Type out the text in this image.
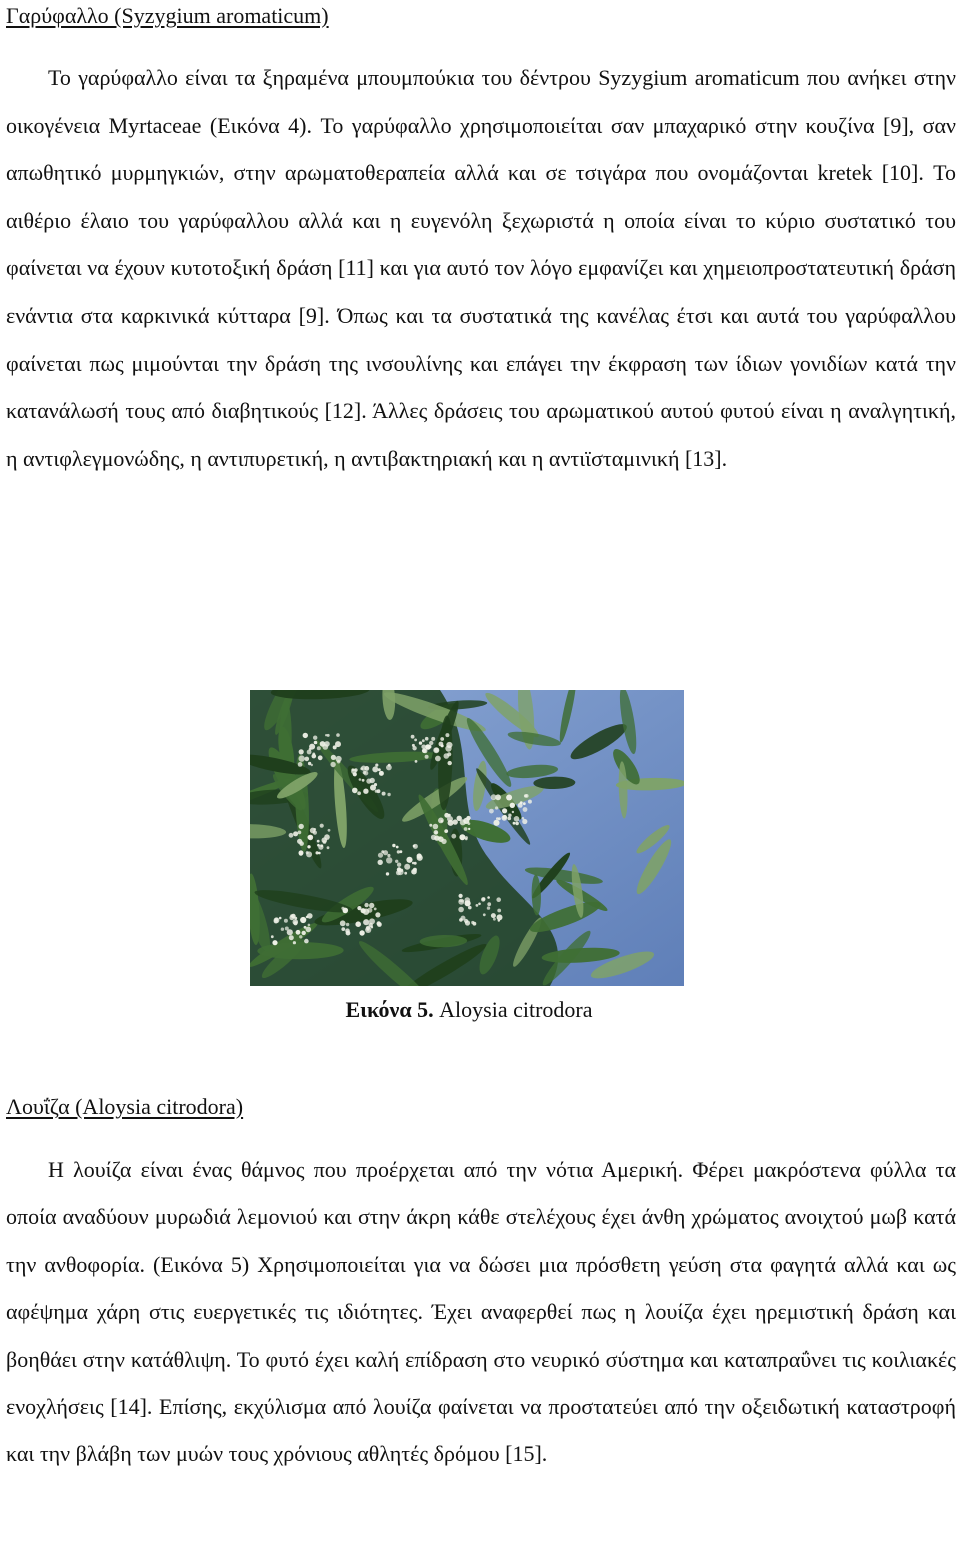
Γαρύφαλλο (Syzygium aromaticum)

Το γαρύφαλλο είναι τα ξηραμένα μπουμπούκια του δέντρου Syzygium aromaticum που ανήκει στην οικογένεια Myrtaceae (Εικόνα 4). Το γαρύφαλλο χρησιμοποιείται σαν μπαχαρικό στην κουζίνα [9], σαν απωθητικό μυρμηγκιών, στην αρωματοθεραπεία αλλά και σε τσιγάρα που ονομάζονται kretek [10]. Το αιθέριο έλαιο του γαρύφαλλου αλλά και η ευγενόλη ξεχωριστά η οποία είναι το κύριο συστατικό του φαίνεται να έχουν κυτοτοξική δράση [11] και για αυτό τον λόγο εμφανίζει και χημειοπροστατευτική δράση ενάντια στα καρκινικά κύτταρα [9]. Όπως και τα συστατικά της κανέλας έτσι και αυτά του γαρύφαλλου φαίνεται πως μιμούνται την δράση της ινσουλίνης και επάγει την έκφραση των ίδιων γονιδίων κατά την κατανάλωσή τους από διαβητικούς [12]. Άλλες δράσεις του αρωματικού αυτού φυτού είναι η αναλγητική, η αντιφλεγμονώδης, η αντιπυρετική, η αντιβακτηριακή και η αντιϊσταμινική [13].

Εικόνα 5. Aloysia citrodora
Λουΐζα (Aloysia citrodora)

Η λουίζα είναι ένας θάμνος που προέρχεται από την νότια Αμερική. Φέρει μακρόστενα φύλλα τα οποία αναδύουν μυρωδιά λεμονιού και στην άκρη κάθε στελέχους έχει άνθη χρώματος ανοιχτού μωβ κατά την ανθοφορία. (Εικόνα 5) Χρησιμοποιείται για να δώσει μια πρόσθετη γεύση στα φαγητά αλλά και ως αφέψημα χάρη στις ευεργετικές τις ιδιότητες. Έχει αναφερθεί πως η λουίζα έχει ηρεμιστική δράση και βοηθάει στην κατάθλιψη. Το φυτό έχει καλή επίδραση στο νευρικό σύστημα και καταπραΰνει τις κοιλιακές ενοχλήσεις [14]. Επίσης, εκχύλισμα από λουίζα φαίνεται να προστατεύει από την οξειδωτική καταστροφή και την βλάβη των μυών τους χρόνιους αθλητές δρόμου [15].
